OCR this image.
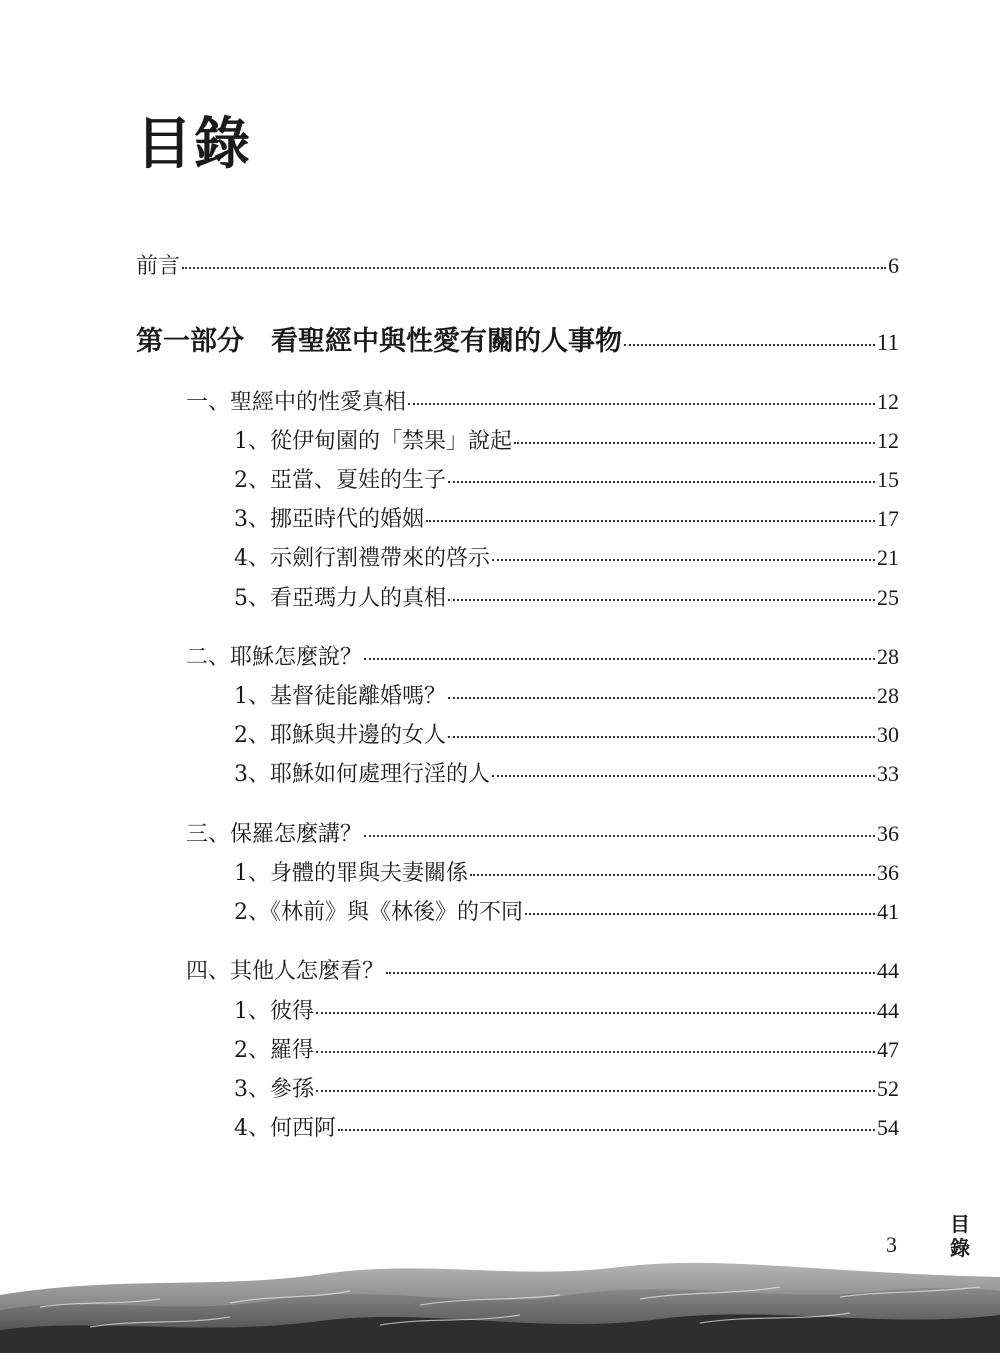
目錄
前言	6
第一部分　看聖經中與性愛有關的人事物	11
一、聖經中的性愛真相	12
1、從伊甸園的「禁果」說起	12
2、亞當、夏娃的生子	15
3、挪亞時代的婚姻	17
4、示劍行割禮帶來的啓示	21
5、看亞瑪力人的真相	25
二、耶穌怎麼說？	28
1、基督徒能離婚嗎？	28
2、耶穌與井邊的女人	30
3、耶穌如何處理行淫的人	33
三、保羅怎麼講？	36
1、身體的罪與夫妻關係	36
2、《林前》與《林後》的不同	41
四、其他人怎麼看？	44
1、彼得	44
2、羅得	47
3、參孫	52
4、何西阿	54
3
目
錄
